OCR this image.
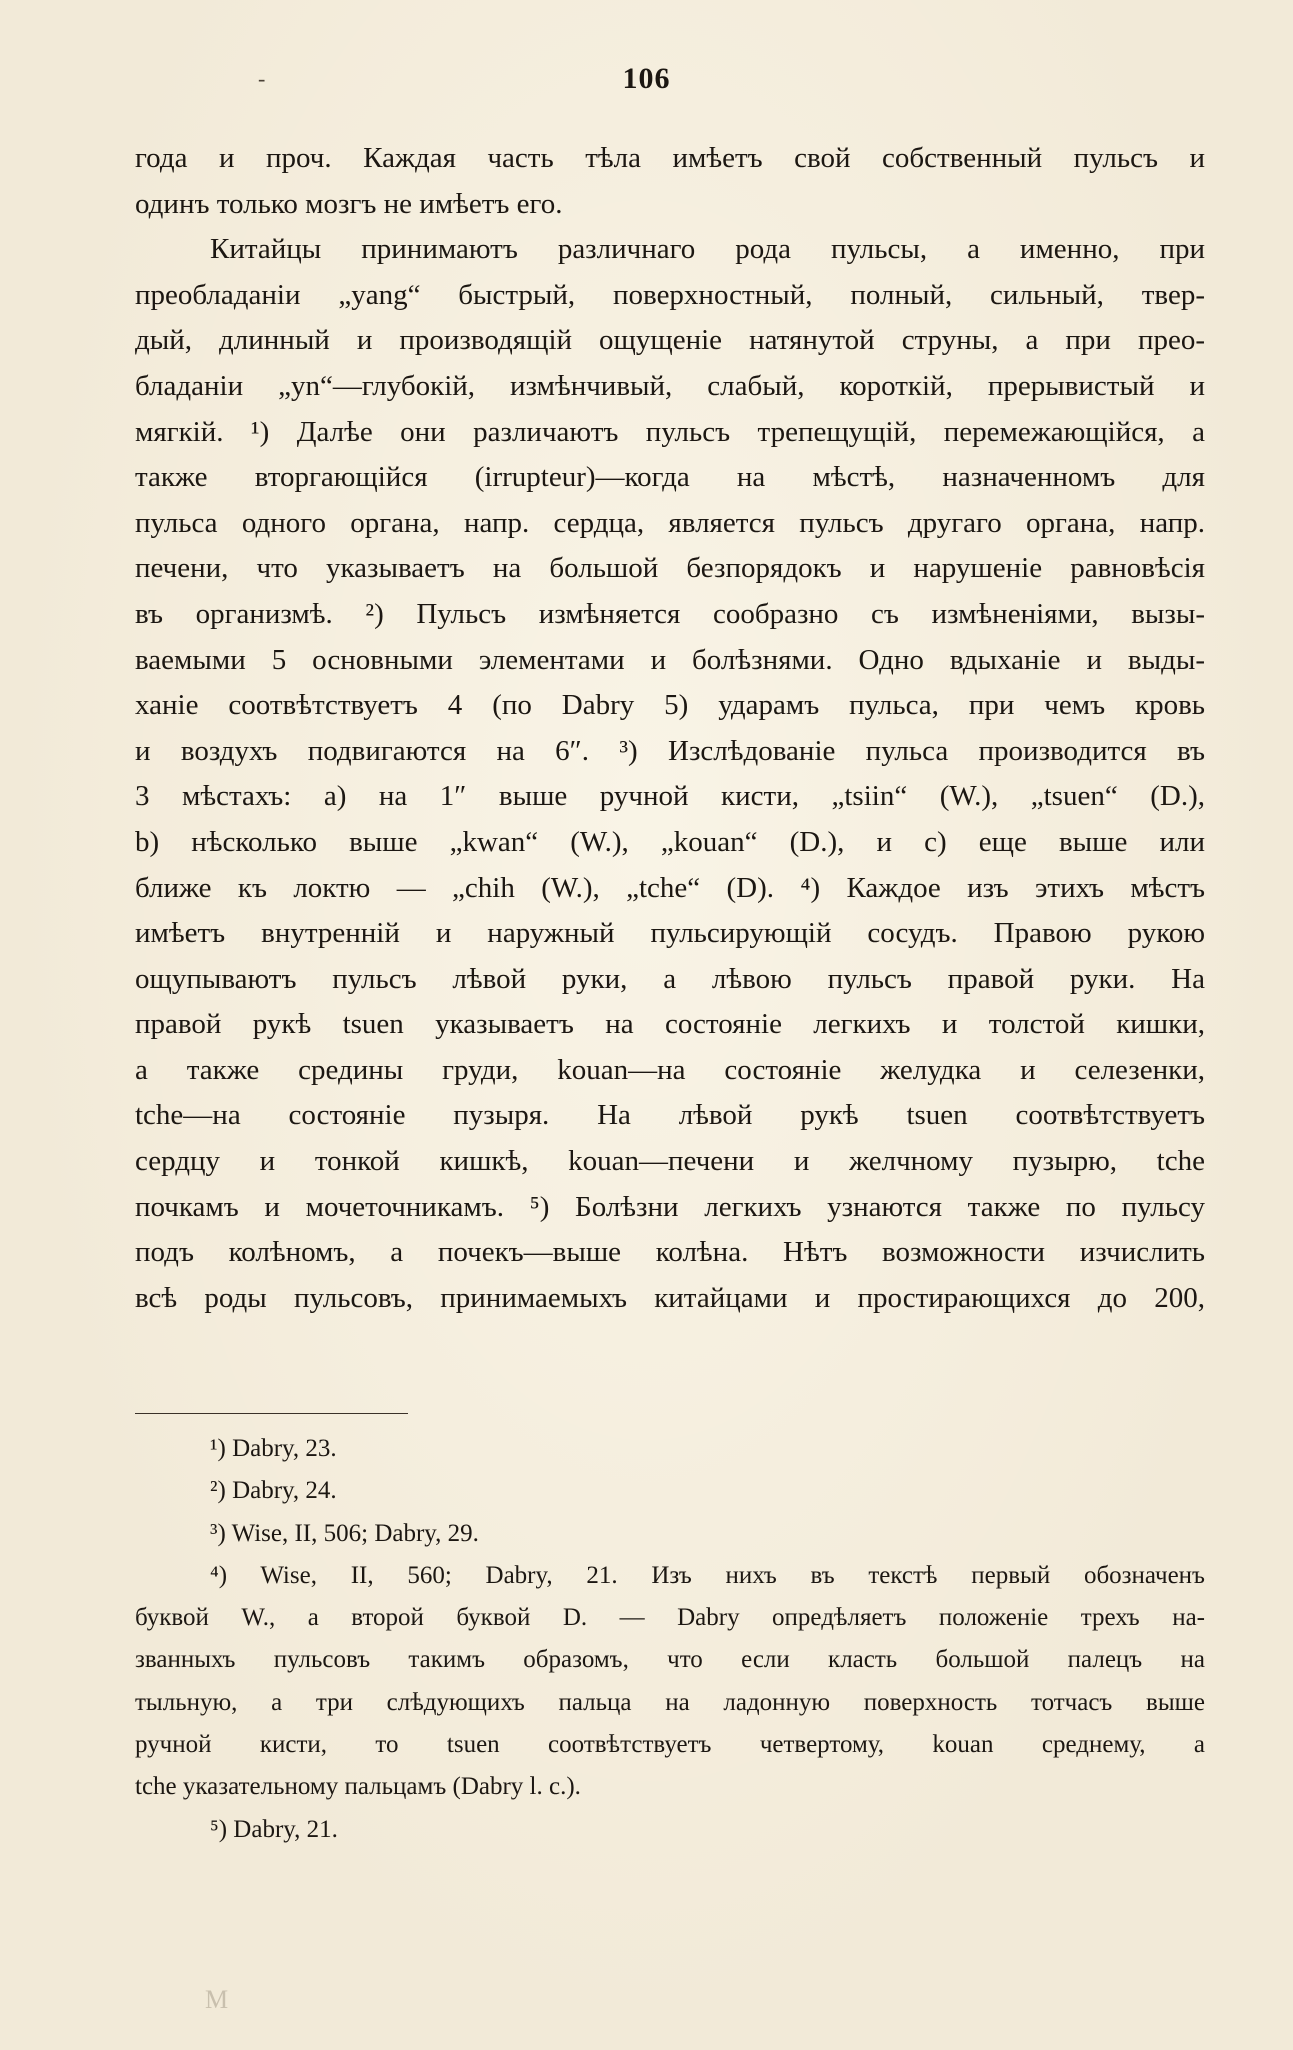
-	106
года и проч. Каждая часть тѣла имѣетъ свой собственный пульсъ и
одинъ только мозгъ не имѣетъ его.
Китайцы принимаютъ различнаго рода пульсы, а именно, при
преобладаніи „yang“ быстрый, поверхностный, полный, сильный, твер-
дый, длинный и производящій ощущеніе натянутой струны, а при прео-
бладаніи „yn“—глубокій, измѣнчивый, слабый, короткій, прерывистый и
мягкій. ¹) Далѣе они различаютъ пульсъ трепещущій, перемежающійся, а
также вторгающійся (irrupteur)—когда на мѣстѣ, назначенномъ для
пульса одного органа, напр. сердца, является пульсъ другаго органа, напр.
печени, что указываетъ на большой безпорядокъ и нарушеніе равновѣсія
въ организмѣ. ²) Пульсъ измѣняется сообразно съ измѣненіями, вызы-
ваемыми 5 основными элементами и болѣзнями. Одно вдыханіе и выды-
ханіе соотвѣтствуетъ 4 (по Dabry 5) ударамъ пульса, при чемъ кровь
и воздухъ подвигаются на 6″. ³) Изслѣдованіе пульса производится въ
3 мѣстахъ: a) на 1″ выше ручной кисти, „tsiin“ (W.), „tsuen“ (D.),
b) нѣсколько выше „kwan“ (W.), „kouan“ (D.), и c) еще выше или
ближе къ локтю — „chih (W.), „tche“ (D). ⁴) Каждое изъ этихъ мѣстъ
имѣетъ внутренній и наружный пульсирующій сосудъ. Правою рукою
ощупываютъ пульсъ лѣвой руки, а лѣвою пульсъ правой руки. На
правой рукѣ tsuen указываетъ на состояніе легкихъ и толстой кишки,
а также средины груди, kouan—на состояніе желудка и селезенки,
tche—на состояніе пузыря. На лѣвой рукѣ tsuen соотвѣтствуетъ
сердцу и тонкой кишкѣ, kouan—печени и желчному пузырю, tche
почкамъ и мочеточникамъ. ⁵) Болѣзни легкихъ узнаются также по пульсу
подъ колѣномъ, а почекъ—выше колѣна. Нѣтъ возможности изчислить
всѣ роды пульсовъ, принимаемыхъ китайцами и простирающихся до 200,
¹) Dabry, 23.
²) Dabry, 24.
³) Wise, II, 506; Dabry, 29.
⁴) Wise, II, 560; Dabry, 21. Изъ нихъ въ текстѣ первый обозначенъ
буквой W., а второй буквой D. — Dabry опредѣляетъ положеніе трехъ на-
званныхъ пульсовъ такимъ образомъ, что если класть большой палецъ на
тыльную, а три слѣдующихъ пальца на ладонную поверхность тотчасъ выше
ручной кисти, то tsuen соотвѣтствуетъ четвертому, kouan среднему, а
tche указательному пальцамъ (Dabry l. c.).
⁵) Dabry, 21.
M
